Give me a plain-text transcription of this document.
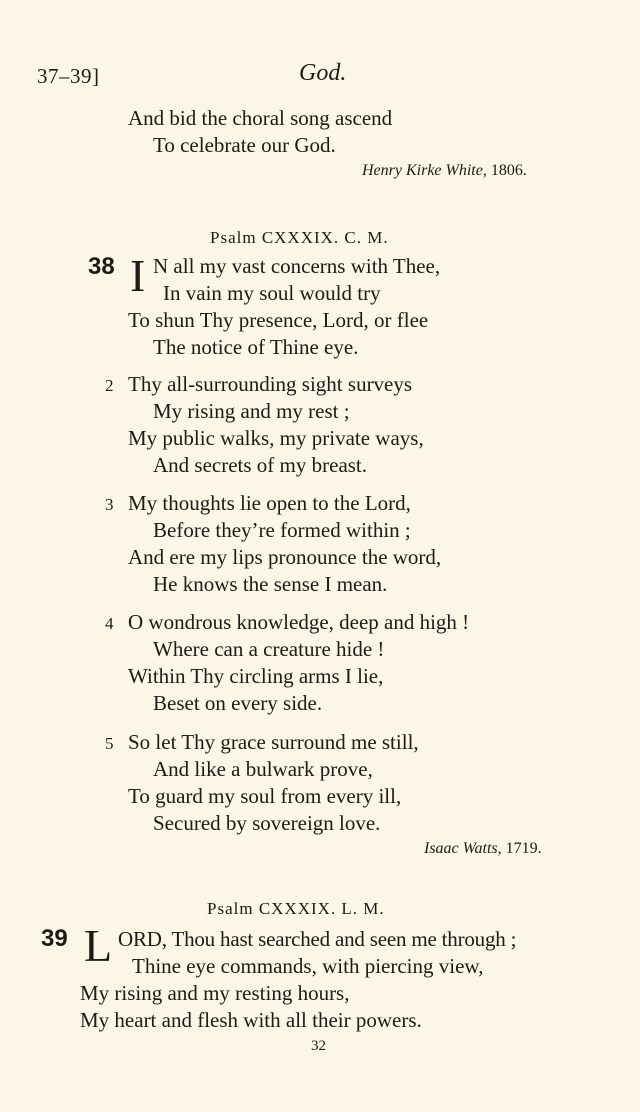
37–39]	God.
And bid the choral song ascend
To celebrate our God.
Henry Kirke White, 1806.
Psalm CXXXIX. C. M.
38 I N all my vast concerns with Thee,
In vain my soul would try
To shun Thy presence, Lord, or flee
The notice of Thine eye.
2 Thy all-surrounding sight surveys
My rising and my rest ;
My public walks, my private ways,
And secrets of my breast.
3 My thoughts lie open to the Lord,
Before they’re formed within ;
And ere my lips pronounce the word,
He knows the sense I mean.
4 O wondrous knowledge, deep and high !
Where can a creature hide !
Within Thy circling arms I lie,
Beset on every side.
5 So let Thy grace surround me still,
And like a bulwark prove,
To guard my soul from every ill,
Secured by sovereign love.
Isaac Watts, 1719.
Psalm CXXXIX. L. M.
39 L ORD, Thou hast searched and seen me through ;
Thine eye commands, with piercing view,
My rising and my resting hours,
My heart and flesh with all their powers.
32
